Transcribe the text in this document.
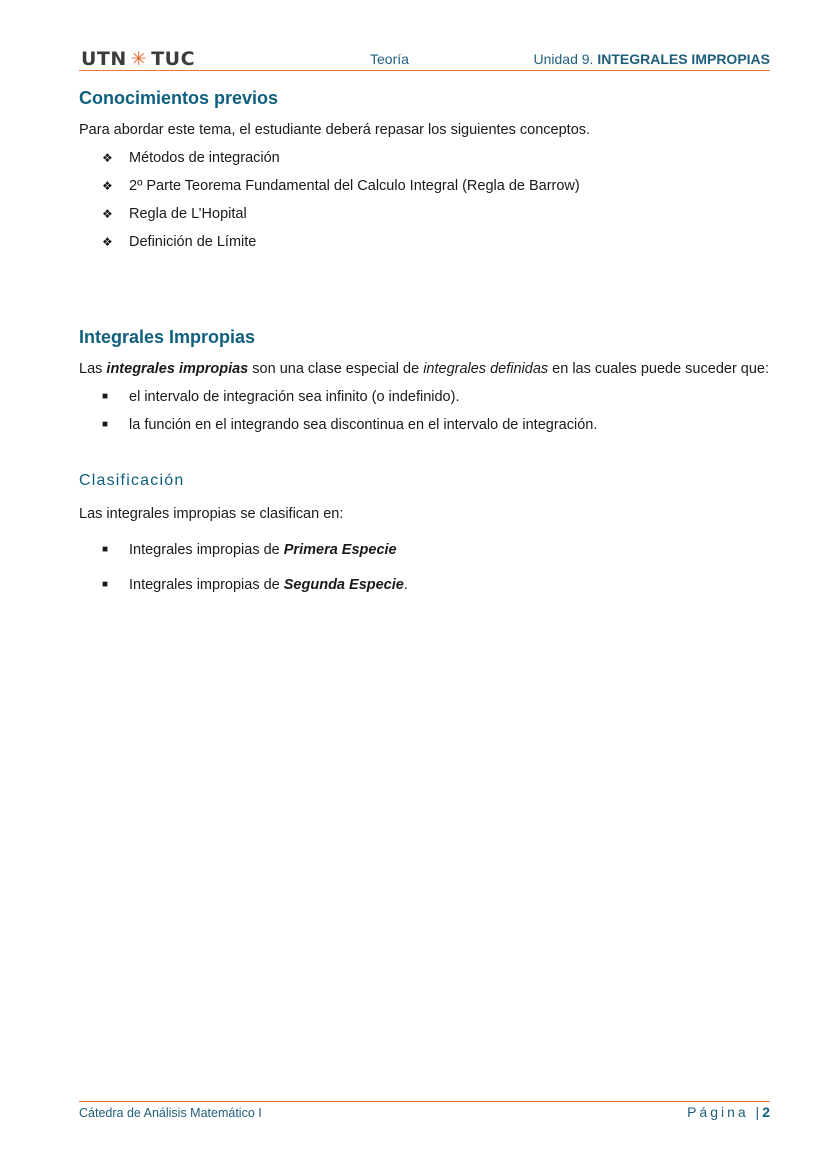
UTN ✳ TUC	Teoría	Unidad 9. INTEGRALES IMPROPIAS
Conocimientos previos

Para abordar este tema, el estudiante deberá repasar los siguientes conceptos.

❖ Métodos de integración
❖ 2º Parte Teorema Fundamental del Calculo Integral (Regla de Barrow)
❖ Regla de L’Hopital
❖ Definición de Límite
Integrales Impropias

Las integrales impropias son una clase especial de integrales definidas en las cuales puede suceder que:

■ el intervalo de integración sea infinito (o indefinido).
■ la función en el integrando sea discontinua en el intervalo de integración.
Clasificación

Las integrales impropias se clasifican en:

■ Integrales impropias de Primera Especie
■ Integrales impropias de Segunda Especie.
Cátedra de Análisis Matemático I	Página |2
